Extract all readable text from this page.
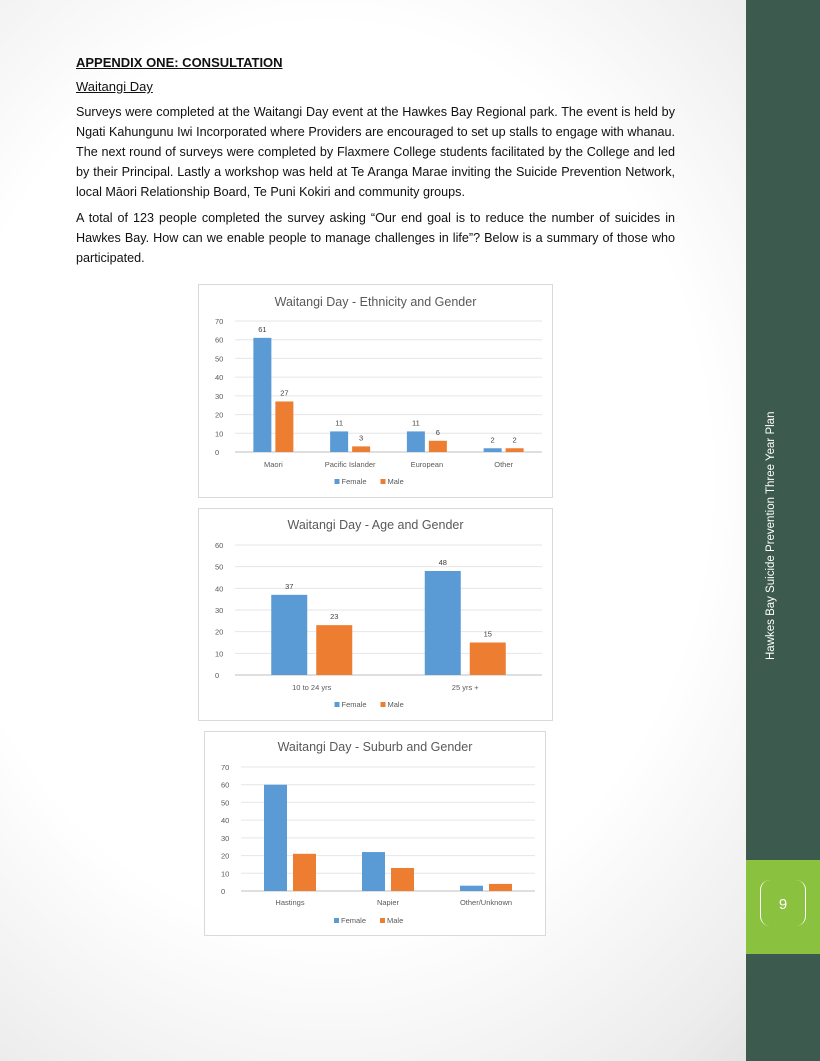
Hawkes Bay Suicide Prevention Three Year Plan
9
APPENDIX ONE: CONSULTATION
Waitangi Day

Surveys were completed at the Waitangi Day event at the Hawkes Bay Regional park. The event is held by Ngati Kahungunu Iwi Incorporated where Providers are encouraged to set up stalls to engage with whanau. The next round of surveys were completed by Flaxmere College students facilitated by the College and led by their Principal. Lastly a workshop was held at Te Aranga Marae inviting the Suicide Prevention Network, local Māori Relationship Board, Te Puni Kokiri and community groups.

A total of 123 people completed the survey asking “Our end goal is to reduce the number of suicides in Hawkes Bay. How can we enable people to manage challenges in life”? Below is a summary of those who participated.

Waitangi Day - Ethnicity and Gender
0
10
20
30
40
50
60
70
61
27
Maori
11
3
Pacific Islander
11
6
European
2 2
Other
Female	Male
Waitangi Day - Age and Gender
0
10
20
30
40
50
60
37
23
10 to 24 yrs
48
15
25 yrs +
Female	Male
Waitangi Day - Suburb and Gender
0
10
20
30
40
50
60
70
Hastings	Napier	Other/Unknown
Female	Male
